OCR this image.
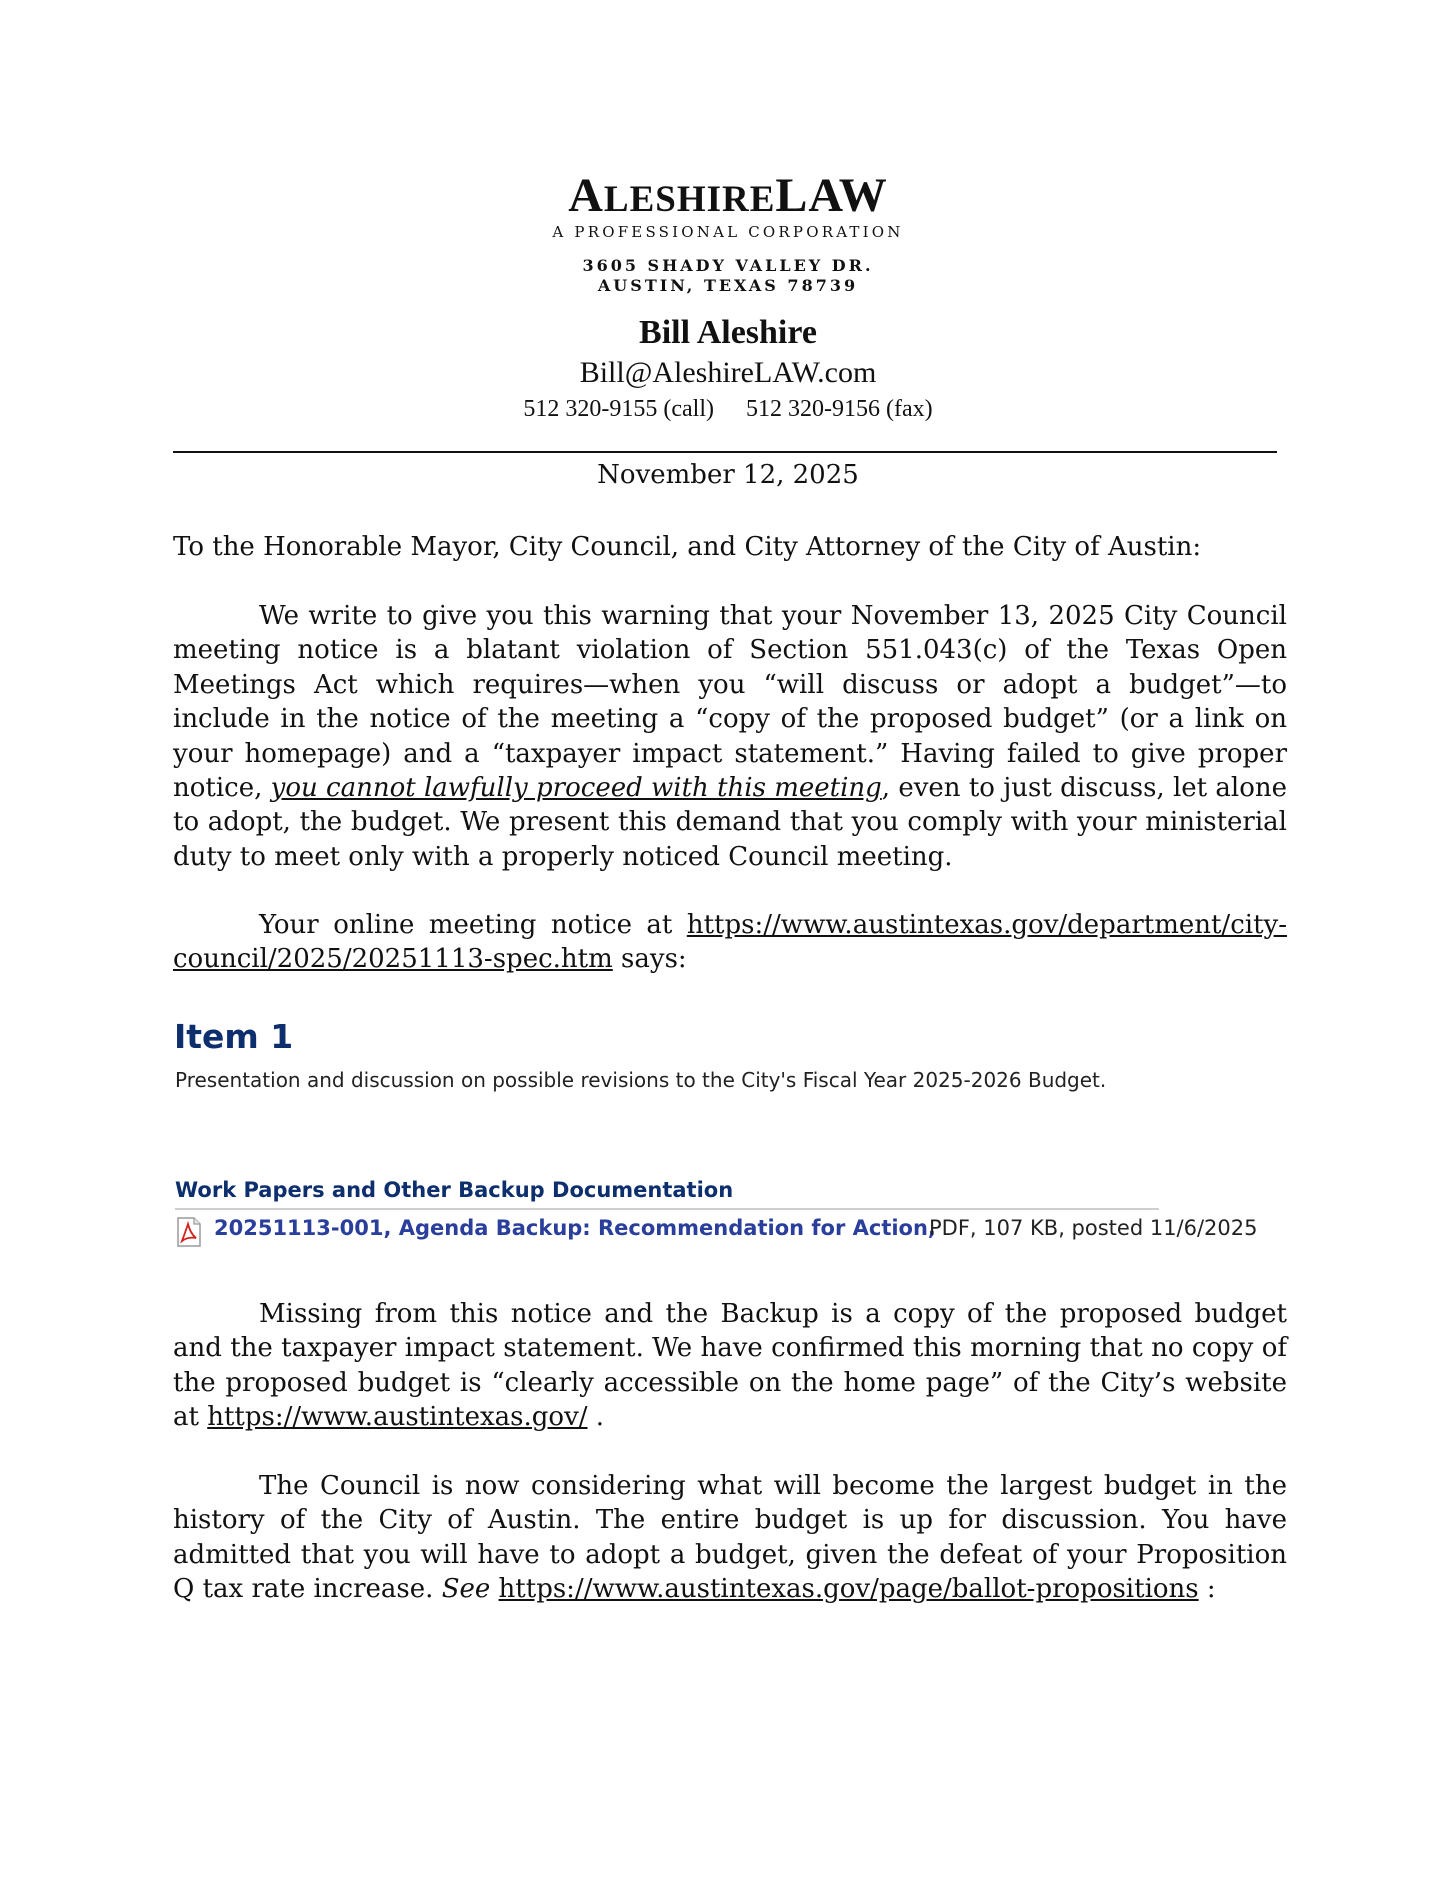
ALESHIRELAW
A PROFESSIONAL CORPORATION
3605 SHADY VALLEY DR.
AUSTIN, TEXAS 78739
Bill Aleshire
Bill@AleshireLAW.com
512 320-9155 (call) 512 320-9156 (fax)
November 12, 2025
To the Honorable Mayor, City Council, and City Attorney of the City of Austin:
We write to give you this warning that your November 13, 2025 City Council meeting notice is a blatant violation of Section 551.043(c) of the Texas Open Meetings Act which requires—when you “will discuss or adopt a budget”—to include in the notice of the meeting a “copy of the proposed budget” (or a link on your homepage) and a “taxpayer impact statement.” Having failed to give proper notice, you cannot lawfully proceed with this meeting, even to just discuss, let alone to adopt, the budget. We present this demand that you comply with your ministerial duty to meet only with a properly noticed Council meeting.
Your online meeting notice at https://www.austintexas.gov/department/city-council/2025/20251113-spec.htm says:
Item 1
Presentation and discussion on possible revisions to the City's Fiscal Year 2025-2026 Budget.
Work Papers and Other Backup Documentation
20251113-001, Agenda Backup: Recommendation for Action,
PDF, 107 KB, posted 11/6/2025
Missing from this notice and the Backup is a copy of the proposed budget and the taxpayer impact statement. We have confirmed this morning that no copy of the proposed budget is “clearly accessible on the home page” of the City’s website at https://www.austintexas.gov/ .
The Council is now considering what will become the largest budget in the history of the City of Austin. The entire budget is up for discussion. You have admitted that you will have to adopt a budget, given the defeat of your Proposition Q tax rate increase. See https://www.austintexas.gov/page/ballot-propositions :
